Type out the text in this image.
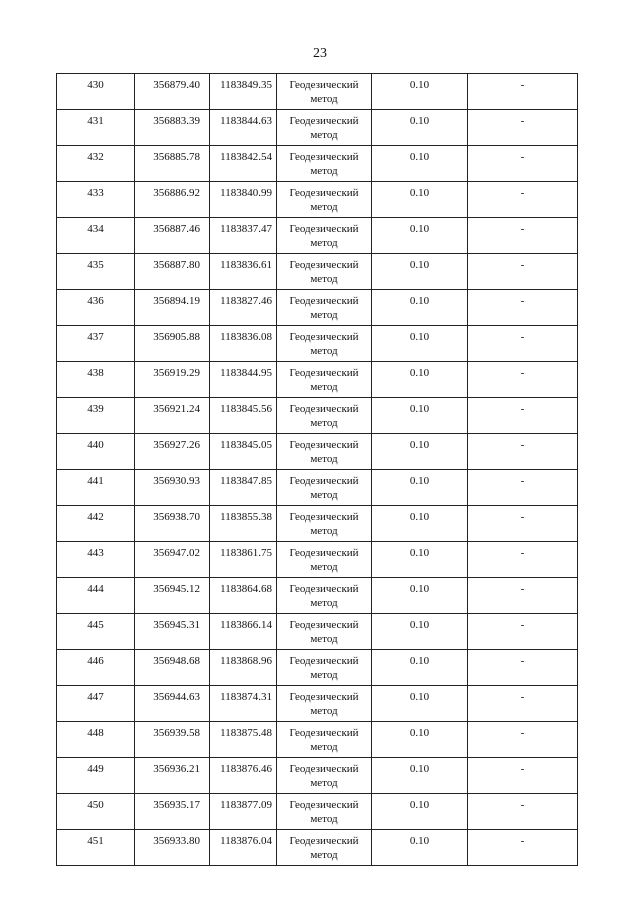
23
430	356879.40	1183849.35	Геодезический
метод	0.10	-

431	356883.39	1183844.63	Геодезический
метод	0.10	-

432	356885.78	1183842.54	Геодезический
метод	0.10	-

433	356886.92	1183840.99	Геодезический
метод	0.10	-

434	356887.46	1183837.47	Геодезический
метод	0.10	-

435	356887.80	1183836.61	Геодезический
метод	0.10	-

436	356894.19	1183827.46	Геодезический
метод	0.10	-

437	356905.88	1183836.08	Геодезический
метод	0.10	-

438	356919.29	1183844.95	Геодезический
метод	0.10	-

439	356921.24	1183845.56	Геодезический
метод	0.10	-

440	356927.26	1183845.05	Геодезический
метод	0.10	-

441	356930.93	1183847.85	Геодезический
метод	0.10	-

442	356938.70	1183855.38	Геодезический
метод	0.10	-

443	356947.02	1183861.75	Геодезический
метод	0.10	-

444	356945.12	1183864.68	Геодезический
метод	0.10	-

445	356945.31	1183866.14	Геодезический
метод	0.10	-

446	356948.68	1183868.96	Геодезический
метод	0.10	-

447	356944.63	1183874.31	Геодезический
метод	0.10	-

448	356939.58	1183875.48	Геодезический
метод	0.10	-

449	356936.21	1183876.46	Геодезический
метод	0.10	-

450	356935.17	1183877.09	Геодезический
метод	0.10	-

451	356933.80	1183876.04	Геодезический
метод	0.10	-
